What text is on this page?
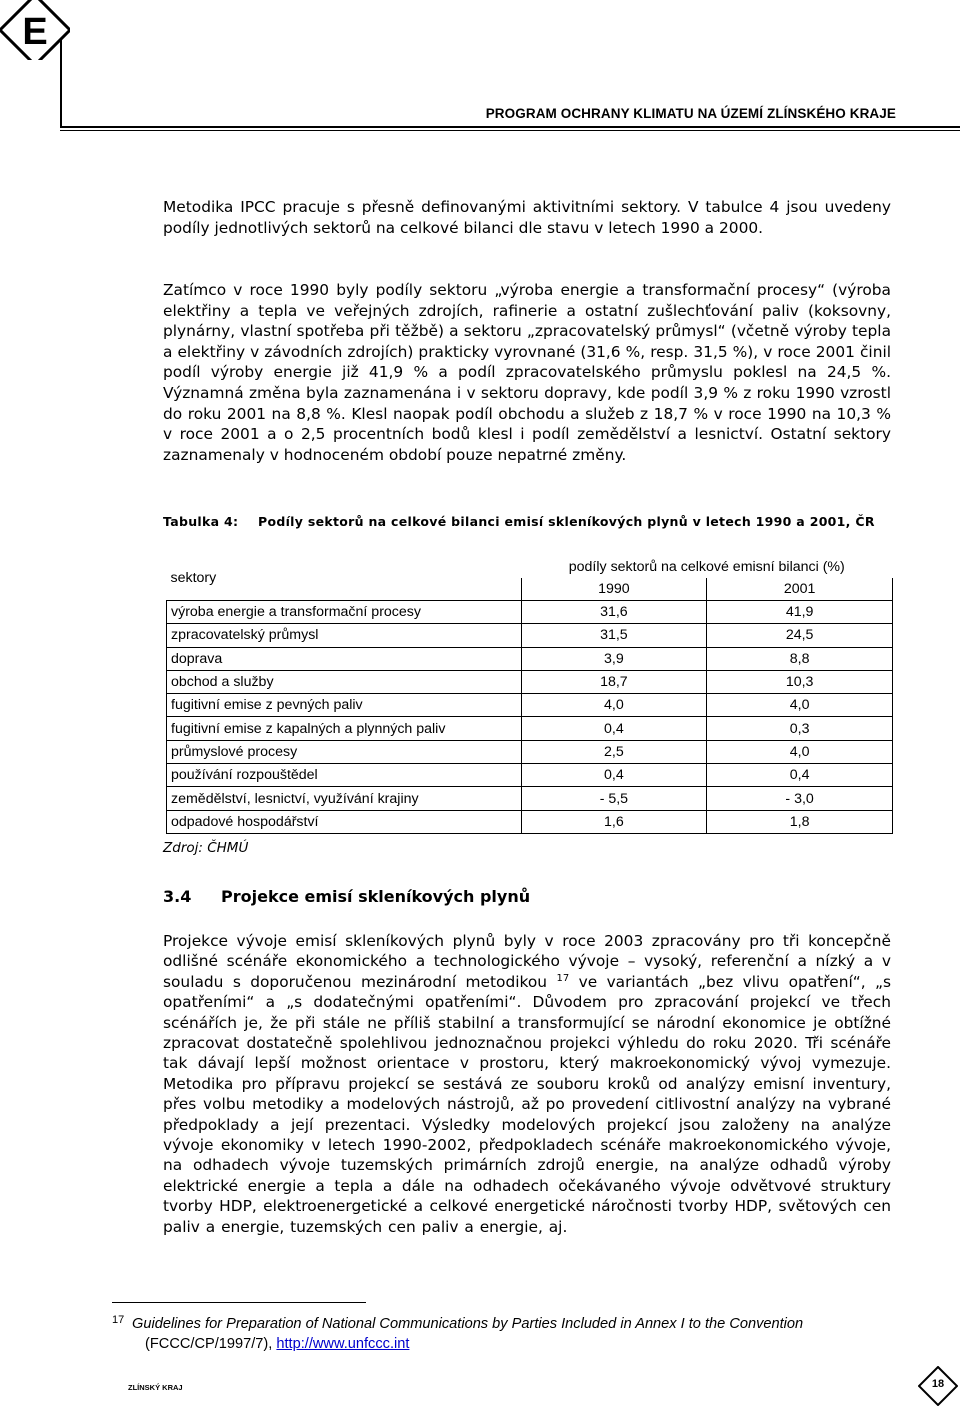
E
PROGRAM OCHRANY KLIMATU NA ÚZEMÍ ZLÍNSKÉHO KRAJE

Metodika IPCC pracuje s přesně definovanými aktivitními sektory. V tabulce 4 jsou uvedeny podíly jednotlivých sektorů na celkové bilanci dle stavu v letech 1990 a 2000.

Zatímco v roce 1990 byly podíly sektoru „výroba energie a transformační procesy“ (výroba elektřiny a tepla ve veřejných zdrojích, rafinerie a ostatní zušlechťování paliv (koksovny, plynárny, vlastní spotřeba při těžbě) a sektoru „zpracovatelský průmysl“ (včetně výroby tepla a elektřiny v závodních zdrojích) prakticky vyrovnané (31,6 %, resp. 31,5 %), v roce 2001 činil podíl výroby energie již 41,9 % a podíl zpracovatelského průmyslu poklesl na 24,5 %. Významná změna byla zaznamenána i v sektoru dopravy, kde podíl 3,9 % z roku 1990 vzrostl do roku 2001 na 8,8 %. Klesl naopak podíl obchodu a služeb z 18,7 % v roce 1990 na 10,3 % v roce 2001 a o 2,5 procentních bodů klesl i podíl zemědělství a lesnictví. Ostatní sektory zaznamenaly v hodnoceném období pouze nepatrné změny.

Tabulka 4: Podíly sektorů na celkové bilanci emisí skleníkových plynů v letech 1990 a 2001, ČR
sektory	podíly sektorů na celkové emisní bilanci (%)	
	1990	2001
výroba energie a transformační procesy	31,6	41,9
zpracovatelský průmysl	31,5	24,5
doprava	3,9	8,8
obchod a služby	18,7	10,3
fugitivní emise z pevných paliv	4,0	4,0
fugitivní emise z kapalných a plynných paliv	0,4	0,3
průmyslové procesy	2,5	4,0
používání rozpouštědel	0,4	0,4
zemědělství, lesnictví, využívání krajiny	- 5,5	- 3,0
odpadové hospodářství	1,6	1,8
Zdroj: ČHMÚ
3.4 Projekce emisí skleníkových plynů

Projekce vývoje emisí skleníkových plynů byly v roce 2003 zpracovány pro tři koncepčně odlišné scénáře ekonomického a technologického vývoje – vysoký, referenční a nízký a v souladu s doporučenou mezinárodní metodikou $^{17}$ ve variantách „bez vlivu opatření“, „s opatřeními“ a „s dodatečnými opatřeními“. Důvodem pro zpracování projekcí ve třech scénářích je, že při stále ne příliš stabilní a transformující se národní ekonomice je obtížné zpracovat dostatečně spolehlivou jednoznačnou projekci výhledu do roku 2020. Tři scénáře tak dávají lepší možnost orientace v prostoru, který makroekonomický vývoj vymezuje. Metodika pro přípravu projekcí se sestává ze souboru kroků od analýzy emisní inventury, přes volbu metodiky a modelových nástrojů, až po provedení citlivostní analýzy na vybrané předpoklady a její prezentaci. Výsledky modelových projekcí jsou založeny na analýze vývoje ekonomiky v letech 1990-2002, předpokladech scénáře makroekonomického vývoje, na odhadech vývoje tuzemských primárních zdrojů energie, na analýze odhadů výroby elektrické energie a tepla a dále na odhadech očekávaného vývoje odvětvové struktury tvorby HDP, elektroenergetické a celkové energetické náročnosti tvorby HDP, světových cen paliv a energie, tuzemských cen paliv a energie, aj.

17 Guidelines for Preparation of National Communications by Parties Included in Annex I to the Convention
(FCCC/CP/1997/7), http://www.unfccc.int
ZLÍNSKÝ KRAJ	18
